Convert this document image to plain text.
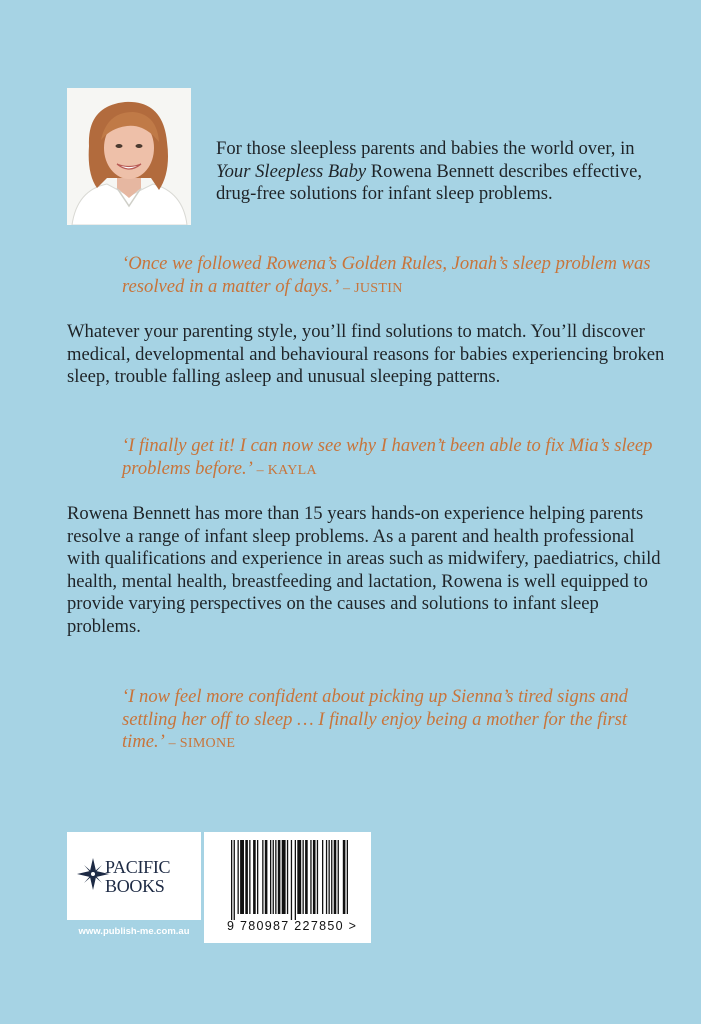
For those sleepless parents and babies the world over, in Your Sleepless Baby Rowena Bennett describes effective, drug-free solutions for infant sleep problems.

‘Once we followed Rowena’s Golden Rules, Jonah’s sleep problem was resolved in a matter of days.’ – JUSTIN

Whatever your parenting style, you’ll find solutions to match. You’ll discover medical, developmental and behavioural reasons for babies experiencing broken sleep, trouble falling asleep and unusual sleeping patterns.

‘I finally get it! I can now see why I haven’t been able to fix Mia’s sleep problems before.’ – KAYLA

Rowena Bennett has more than 15 years hands-on experience helping parents resolve a range of infant sleep problems. As a parent and health professional with qualifications and experience in areas such as midwifery, paediatrics, child health, mental health, breastfeeding and lactation, Rowena is well equipped to provide varying perspectives on the causes and solutions to infant sleep problems.

‘I now feel more confident about picking up Sienna’s tired signs and settling her off to sleep … I finally enjoy being a mother for the first time.’ – SIMONE

PACIFIC
BOOKS
www.publish-me.com.au	9 780987 227850 >
